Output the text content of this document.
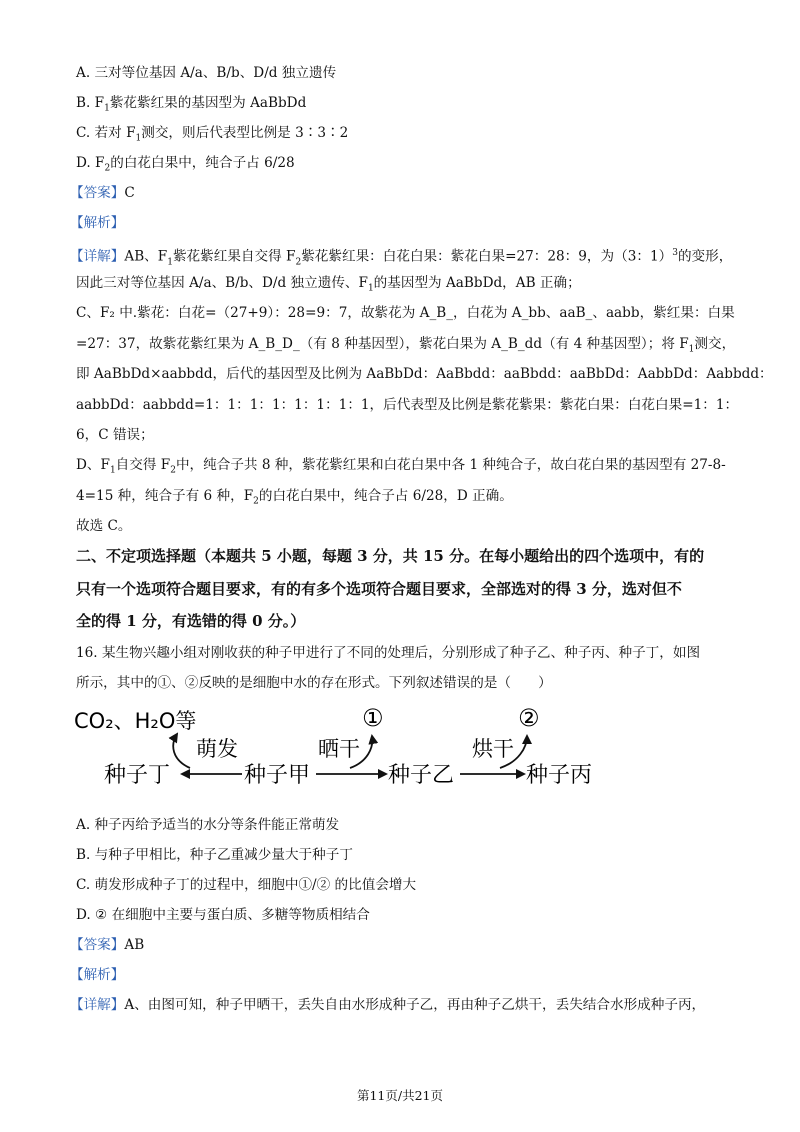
A. 三对等位基因 A/a、B/b、D/d 独立遗传
B. $F_1$紫花紫红果的基因型为 AaBbDd
C. 若对 $F_1$测交，则后代表型比例是 3∶3∶2
D. $F_2$的白花白果中，纯合子占 6/28
【答案】C
【解析】
【详解】AB、$F_1$紫花紫红果自交得 $F_2$紫花紫红果：白花白果：紫花白果=27：28：9，为（3：1）$^3$的变形，
因此三对等位基因 A/a、B/b、D/d 独立遗传、$F_1$的基因型为 AaBbDd，AB 正确；
C、F₂ 中.紫花：白花=（27+9）：28=9：7，故紫花为 A_B_，白花为 A_bb、aaB_、aabb，紫红果：白果
=27：37，故紫花紫红果为 A_B_D_（有 8 种基因型），紫花白果为 A_B_dd（有 4 种基因型）；将 $F_1$测交，
即 AaBbDd×aabbdd，后代的基因型及比例为 AaBbDd：AaBbdd：aaBbdd：aaBbDd：AabbDd：Aabbdd：
aabbDd：aabbdd=1：1：1：1：1：1：1：1，后代表型及比例是紫花紫果：紫花白果：白花白果=1：1：
6，C 错误；
D、$F_1$自交得 $F_2$中，纯合子共 8 种，紫花紫红果和白花白果中各 1 种纯合子，故白花白果的基因型有 27-8-
4=15 种，纯合子有 6 种，$F_2$的白花白果中，纯合子占 6/28，D 正确。
故选 C。
二、不定项选择题（本题共 5 小题，每题 3 分，共 15 分。在每小题给出的四个选项中，有的
只有一个选项符合题目要求，有的有多个选项符合题目要求，全部选对的得 3 分，选对但不
全的得 1 分，有选错的得 0 分。）
16. 某生物兴趣小组对刚收获的种子甲进行了不同的处理后，分别形成了种子乙、种子丙、种子丁，如图
所示，其中的①、②反映的是细胞中水的存在形式。下列叙述错误的是（　　）
CO₂、H₂O等	①	②
萌发	晒干	烘干
种子丁	种子甲	种子乙	种子丙
A. 种子丙给予适当的水分等条件能正常萌发
B. 与种子甲相比，种子乙重减少量大于种子丁
C. 萌发形成种子丁的过程中，细胞中①/② 的比值会增大
D. ② 在细胞中主要与蛋白质、多糖等物质相结合
【答案】AB
【解析】
【详解】A、由图可知，种子甲晒干，丢失自由水形成种子乙，再由种子乙烘干，丢失结合水形成种子丙，
第11页/共21页
